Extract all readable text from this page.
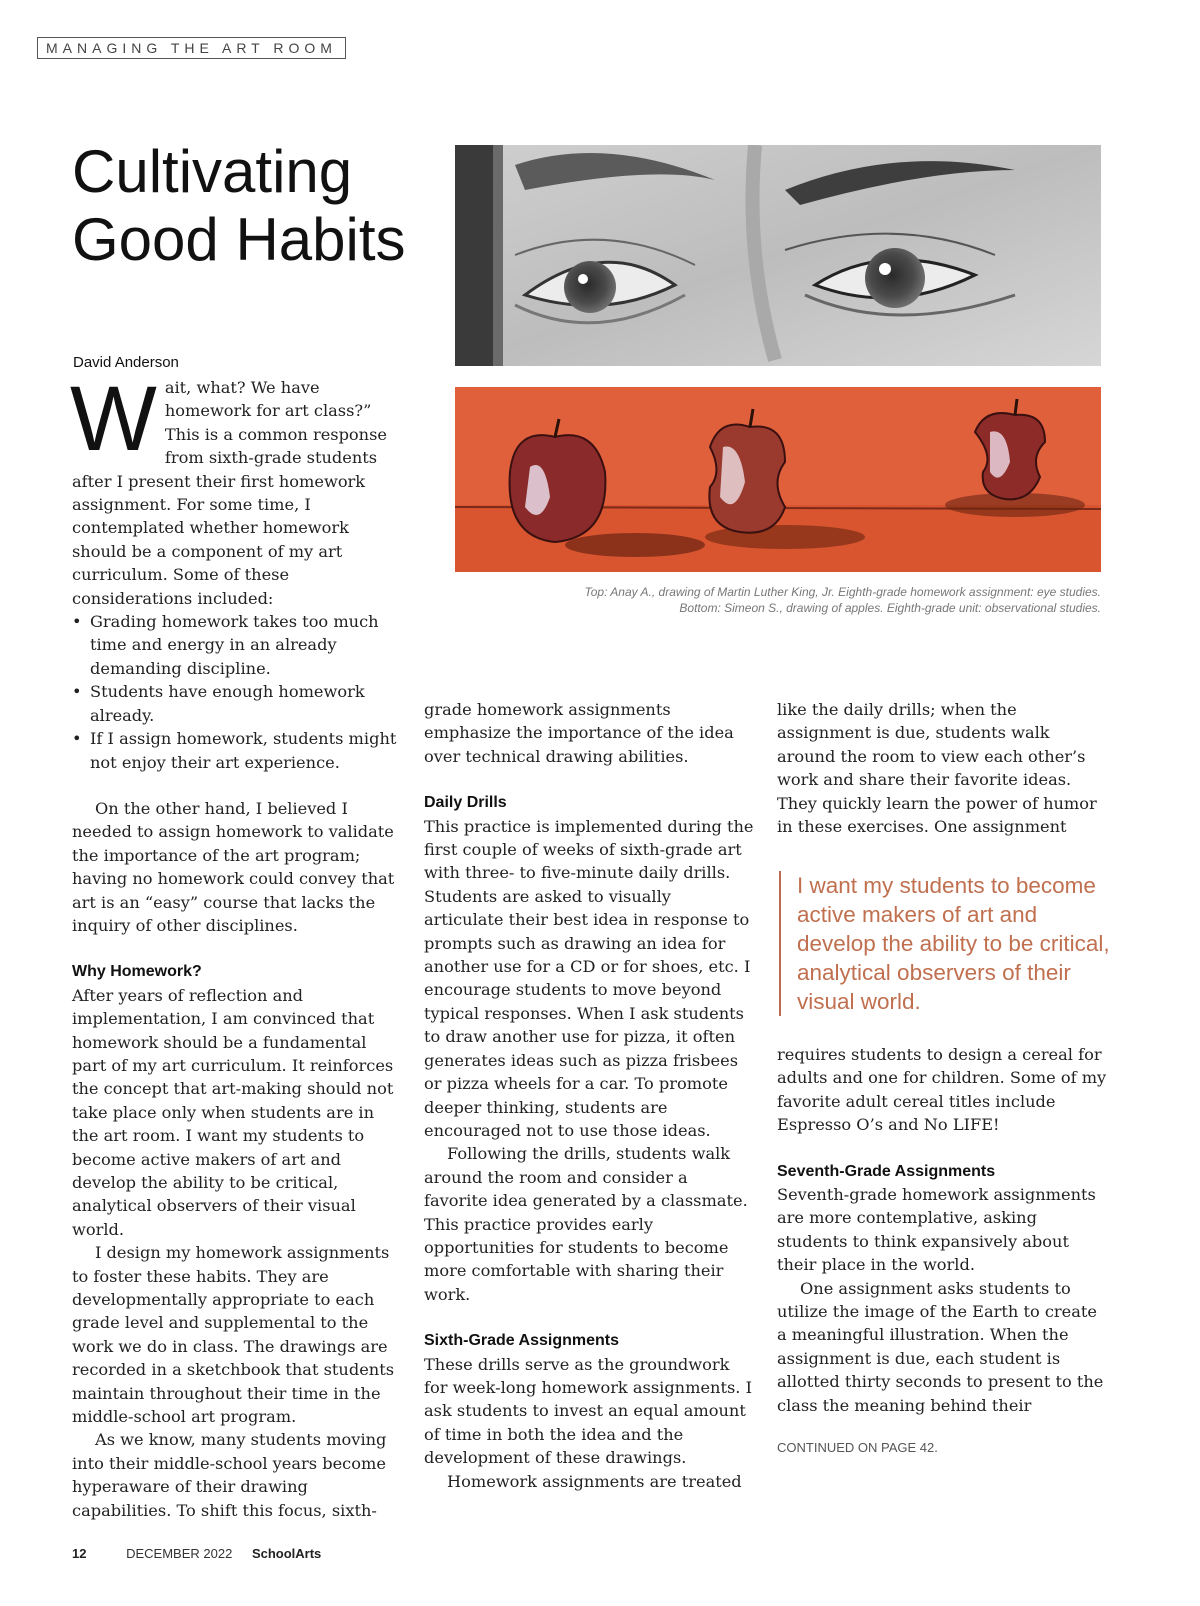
MANAGING THE ART ROOM
Cultivating
Good Habits
David Anderson
Top: Anay A., drawing of Martin Luther King, Jr. Eighth-grade homework assignment: eye studies.
Bottom: Simeon S., drawing of apples. Eighth-grade unit: observational studies.

Wait, what? We have homework for art class?” This is a common response from sixth-grade students after I present their first homework assignment. For some time, I contemplated whether homework should be a component of my art curriculum. Some of these considerations included:

• Grading homework takes too much time and energy in an already demanding discipline.
• Students have enough homework already.
• If I assign homework, students might not enjoy their art experience.

On the other hand, I believed I needed to assign homework to validate the importance of the art program; having no homework could convey that art is an “easy” course that lacks the inquiry of other disciplines.

Why Homework?

After years of reflection and implementation, I am convinced that homework should be a fundamental part of my art curriculum. It reinforces the concept that art-making should not take place only when students are in the art room. I want my students to become active makers of art and develop the ability to be critical, analytical observers of their visual world.

I design my homework assignments to foster these habits. They are developmentally appropriate to each grade level and supplemental to the work we do in class. The drawings are recorded in a sketchbook that students maintain throughout their time in the middle-school art program.

As we know, many students moving into their middle-school years become hyperaware of their drawing capabilities. To shift this focus, sixth-

grade homework assignments emphasize the importance of the idea over technical drawing abilities.

Daily Drills

This practice is implemented during the first couple of weeks of sixth-grade art with three- to five-minute daily drills. Students are asked to visually articulate their best idea in response to prompts such as drawing an idea for another use for a CD or for shoes, etc. I encourage students to move beyond typical responses. When I ask students to draw another use for pizza, it often generates ideas such as pizza frisbees or pizza wheels for a car. To promote deeper thinking, students are encouraged not to use those ideas.

Following the drills, students walk around the room and consider a favorite idea generated by a classmate. This practice provides early opportunities for students to become more comfortable with sharing their work.

Sixth-Grade Assignments

These drills serve as the groundwork for week-long homework assignments. I ask students to invest an equal amount of time in both the idea and the development of these drawings.

Homework assignments are treated

like the daily drills; when the assignment is due, students walk around the room to view each other’s work and share their favorite ideas. They quickly learn the power of humor in these exercises. One assignment

I want my students to become active makers of art and develop the ability to be critical, analytical observers of their visual world.

requires students to design a cereal for adults and one for children. Some of my favorite adult cereal titles include Espresso O’s and No LIFE!

Seventh-Grade Assignments

Seventh-grade homework assignments are more contemplative, asking students to think expansively about their place in the world.

One assignment asks students to utilize the image of the Earth to create a meaningful illustration. When the assignment is due, each student is allotted thirty seconds to present to the class the meaning behind their

CONTINUED ON PAGE 42.
12	DECEMBER 2022 SchoolArts
